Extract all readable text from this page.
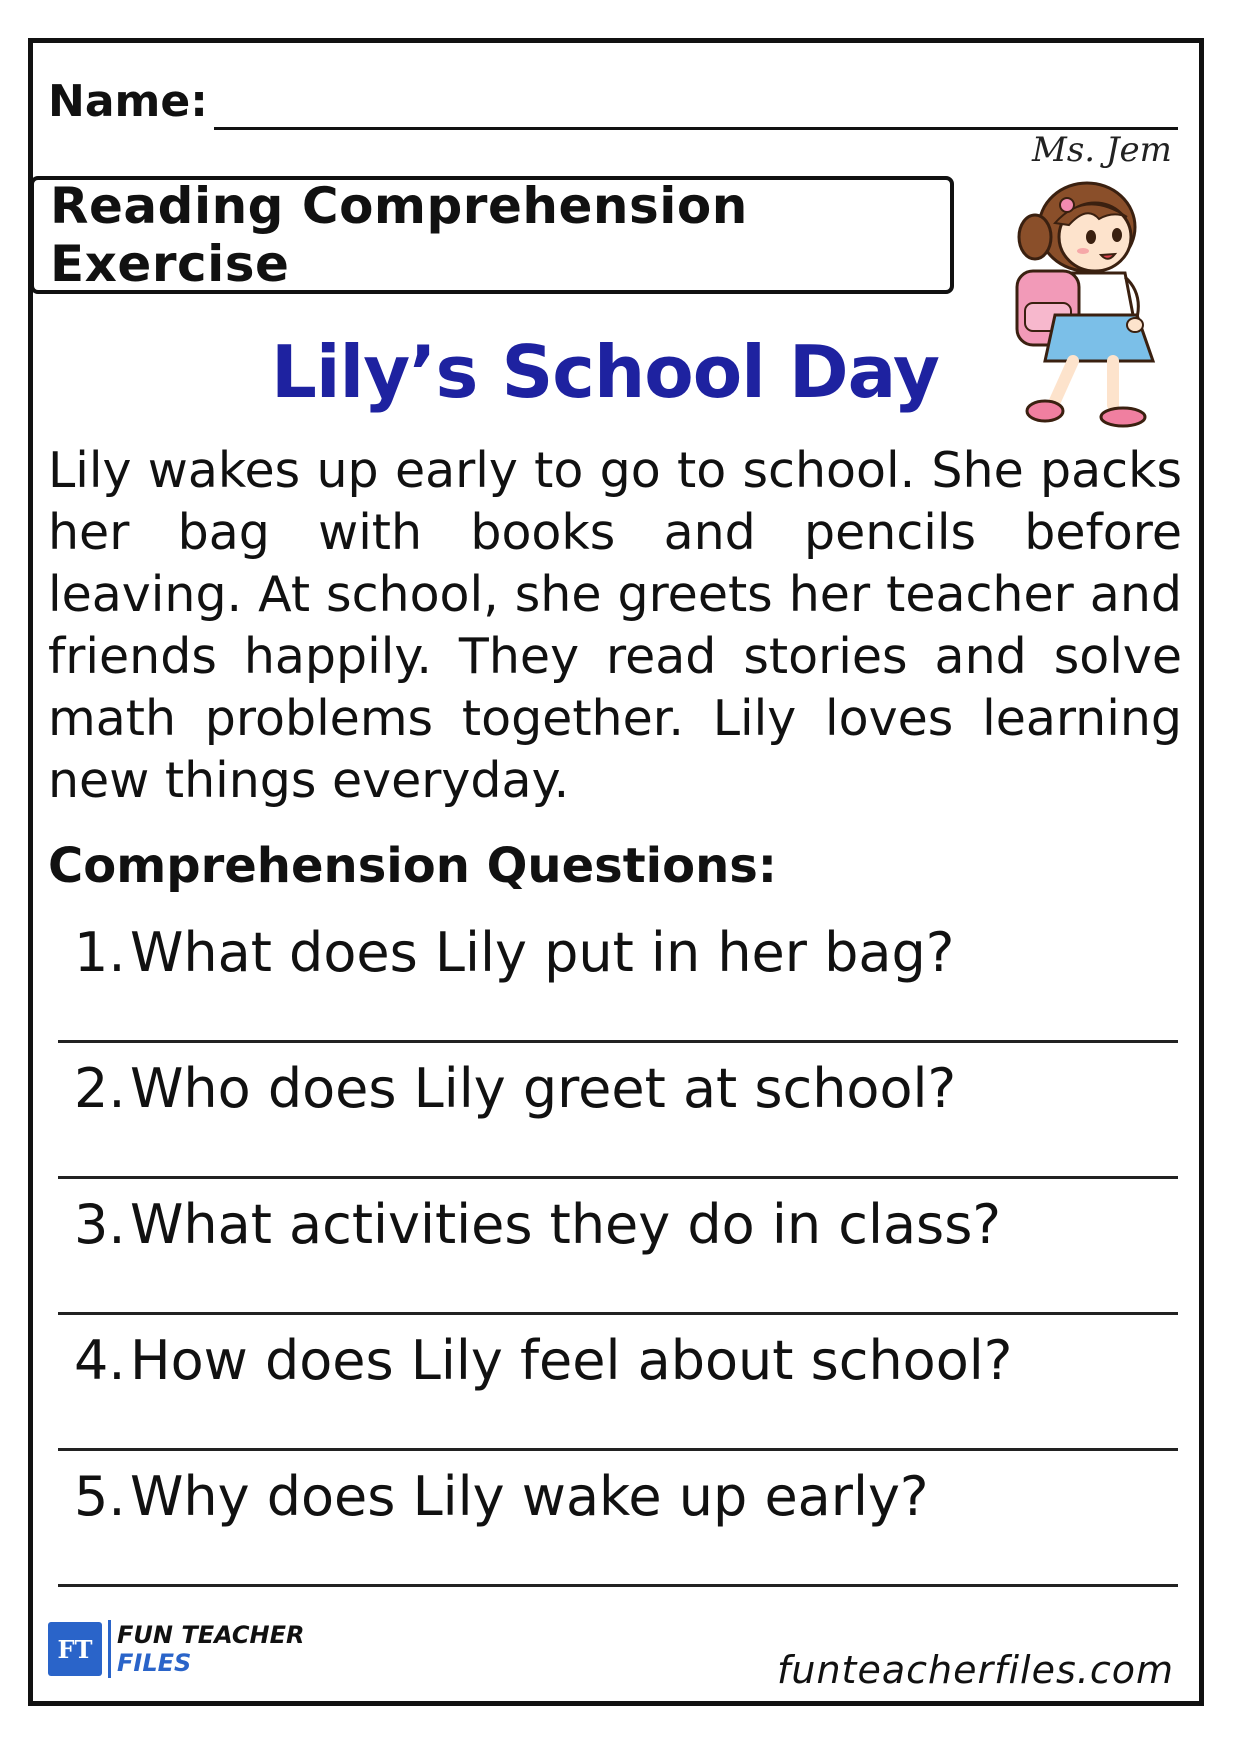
Name:
Reading Comprehension Exercise
Ms. Jem
Lily’s School Day
Lily wakes up early to go to school. She packs her bag with books and pencils before leaving. At school, she greets her teacher and friends happily. They read stories and solve math problems together. Lily loves learning new things everyday.
Comprehension Questions:
1. What does Lily put in her bag?
2. Who does Lily greet at school?
3. What activities they do in class?
4. How does Lily feel about school?
5. Why does Lily wake up early?
FT	FUN TEACHER
FILES	funteacherfiles.com
